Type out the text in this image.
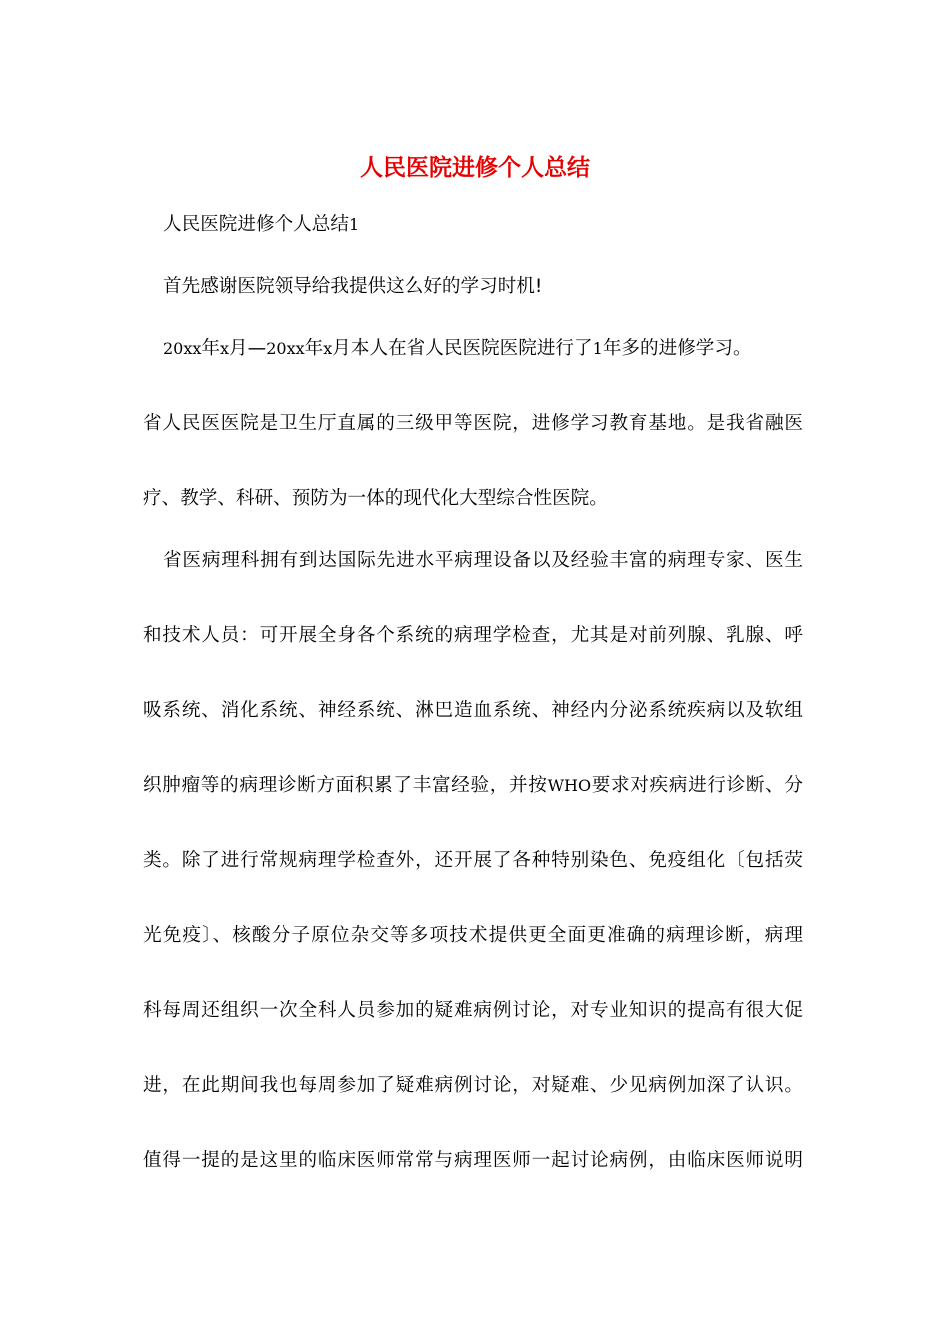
人民医院进修个人总结

人民医院进修个人总结1

首先感谢医院领导给我提供这么好的学习时机!

20xx年x月—20xx年x月本人在省人民医院医院进行了1年多的进修学习。

省人民医医院是卫生厅直属的三级甲等医院，进修学习教育基地。是我省融医

疗、教学、科研、预防为一体的现代化大型综合性医院。

省医病理科拥有到达国际先进水平病理设备以及经验丰富的病理专家、医生

和技术人员：可开展全身各个系统的病理学检查，尤其是对前列腺、乳腺、呼

吸系统、消化系统、神经系统、淋巴造血系统、神经内分泌系统疾病以及软组

织肿瘤等的病理诊断方面积累了丰富经验，并按WHO要求对疾病进行诊断、分

类。除了进行常规病理学检查外，还开展了各种特别染色、免疫组化〔包括荧

光免疫〕、核酸分子原位杂交等多项技术提供更全面更准确的病理诊断，病理

科每周还组织一次全科人员参加的疑难病例讨论，对专业知识的提高有很大促

进，在此期间我也每周参加了疑难病例讨论，对疑难、少见病例加深了认识。

值得一提的是这里的临床医师常常与病理医师一起讨论病例，由临床医师说明
